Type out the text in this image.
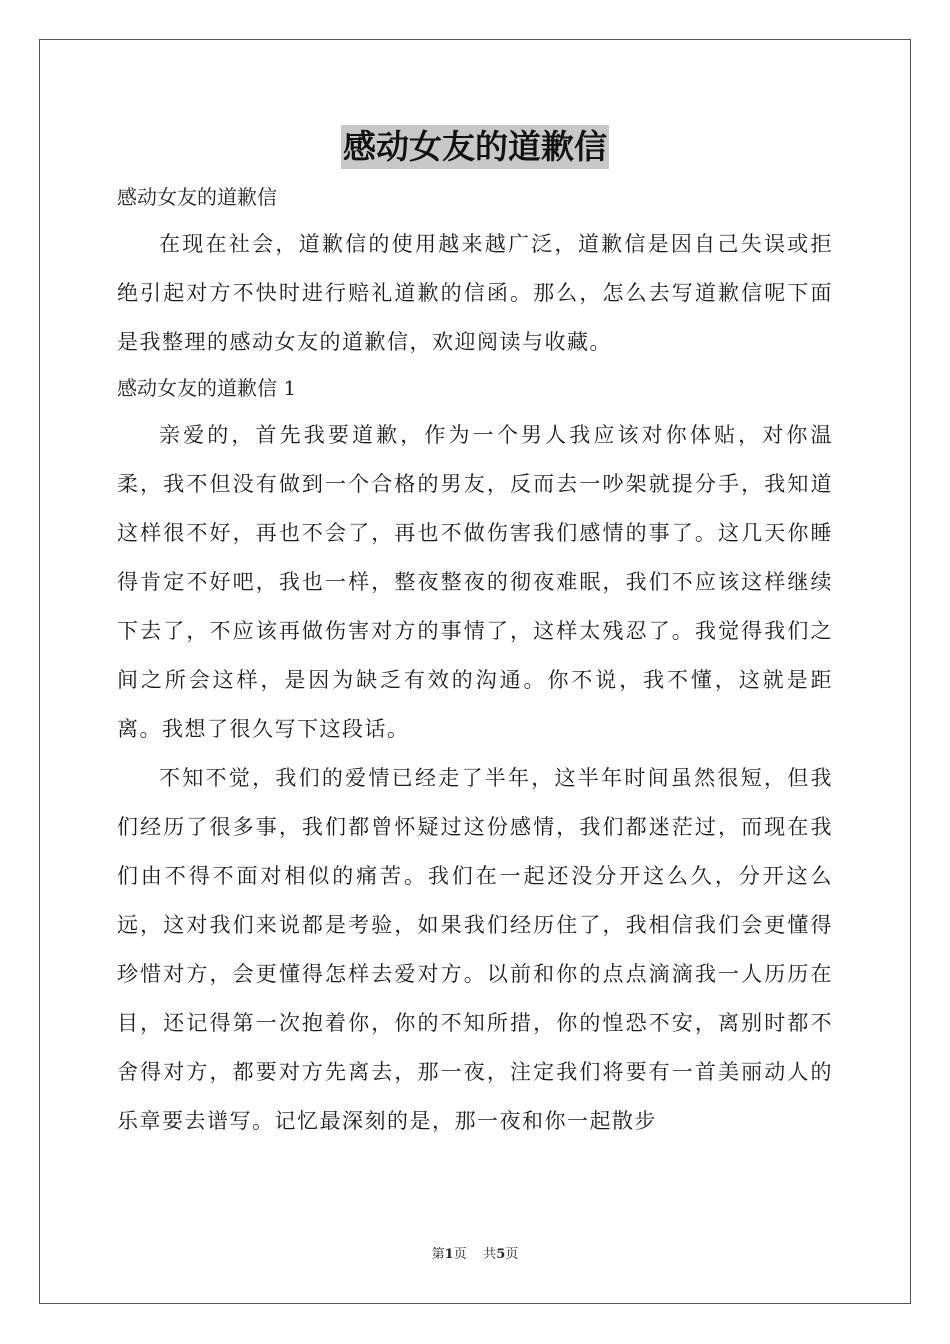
感动女友的道歉信

感动女友的道歉信

在现在社会，道歉信的使用越来越广泛，道歉信是因自己失误或拒绝引起对方不快时进行赔礼道歉的信函。那么，怎么去写道歉信呢下面是我整理的感动女友的道歉信，欢迎阅读与收藏。

感动女友的道歉信 1

亲爱的，首先我要道歉，作为一个男人我应该对你体贴，对你温柔，我不但没有做到一个合格的男友，反而去一吵架就提分手，我知道这样很不好，再也不会了，再也不做伤害我们感情的事了。这几天你睡得肯定不好吧，我也一样，整夜整夜的彻夜难眠，我们不应该这样继续下去了，不应该再做伤害对方的事情了，这样太残忍了。我觉得我们之间之所会这样，是因为缺乏有效的沟通。你不说，我不懂，这就是距离。我想了很久写下这段话。

不知不觉，我们的爱情已经走了半年，这半年时间虽然很短，但我们经历了很多事，我们都曾怀疑过这份感情，我们都迷茫过，而现在我们由不得不面对相似的痛苦。我们在一起还没分开这么久，分开这么远，这对我们来说都是考验，如果我们经历住了，我相信我们会更懂得珍惜对方，会更懂得怎样去爱对方。以前和你的点点滴滴我一人历历在目，还记得第一次抱着你，你的不知所措，你的惶恐不安，离别时都不舍得对方，都要对方先离去，那一夜，注定我们将要有一首美丽动人的乐章要去谱写。记忆最深刻的是，那一夜和你一起散步

第1页 共5页
